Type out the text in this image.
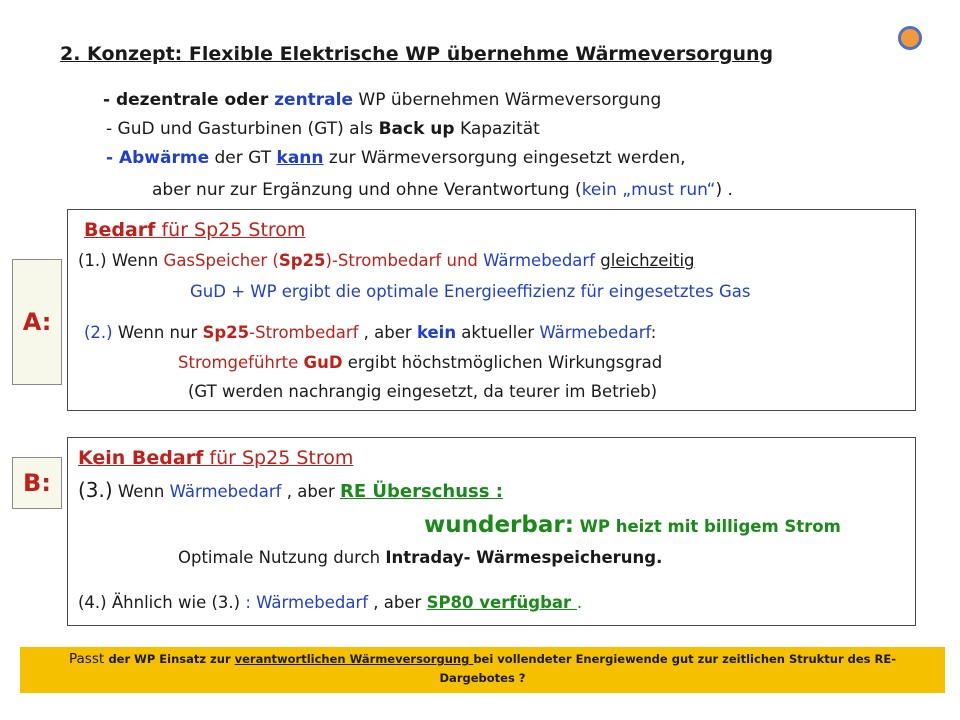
2. Konzept: Flexible Elektrische WP übernehme Wärmeversorgung
- dezentrale oder zentrale WP übernehmen Wärmeversorgung
- GuD und Gasturbinen (GT) als Back up Kapazität
- Abwärme der GT kann zur Wärmeversorgung eingesetzt werden,
aber nur zur Ergänzung und ohne Verantwortung (kein „must run“) .
A:
Bedarf für Sp25 Strom
(1.) Wenn GasSpeicher (Sp25)-Strombedarf und Wärmebedarf gleichzeitig
GuD + WP ergibt die optimale Energieeffizienz für eingesetztes Gas
(2.) Wenn nur Sp25-Strombedarf , aber kein aktueller Wärmebedarf:
Stromgeführte GuD ergibt höchstmöglichen Wirkungsgrad
(GT werden nachrangig eingesetzt, da teurer im Betrieb)
B:
Kein Bedarf für Sp25 Strom
(3.) Wenn Wärmebedarf , aber RE Überschuss :
wunderbar: WP heizt mit billigem Strom
Optimale Nutzung durch Intraday- Wärmespeicherung.
(4.) Ähnlich wie (3.) : Wärmebedarf , aber SP80 verfügbar .
Passt der WP Einsatz zur verantwortlichen Wärmeversorgung bei vollendeter Energiewende gut zur zeitlichen Struktur des RE-
Dargebotes ?
